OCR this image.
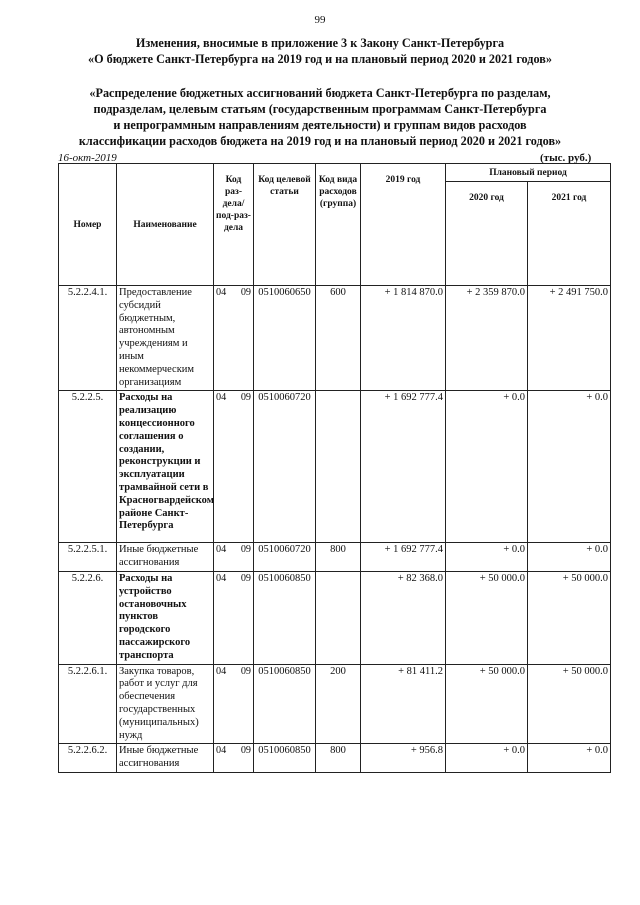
99
Изменения, вносимые в приложение 3 к Закону Санкт-Петербурга
«О бюджете Санкт-Петербурга на 2019 год и на плановый период 2020 и 2021 годов»
«Распределение бюджетных ассигнований бюджета Санкт-Петербурга по разделам,
подразделам, целевым статьям (государственным программам Санкт-Петербурга
и непрограммным направлениям деятельности) и группам видов расходов
классификации расходов бюджета на 2019 год и на плановый период 2020 и 2021 годов»
16-окт-2019	(тыс. руб.)
Номер	Наименование	Код раз-дела/ под-раз-дела	Код целевой статьи	Код вида расходов (группа)	2019 год	Плановый период	
						2020 год	2021 год
5.2.2.4.1.	Предоставление субсидий бюджетным, автономным учреждениям и иным некоммерческим организациям	04 09	0510060650	600	+ 1 814 870.0	+ 2 359 870.0	+ 2 491 750.0
5.2.2.5.	Расходы на реализацию концессионного соглашения о создании, реконструкции и эксплуатации трамвайной сети в Красногвардейском районе Санкт-Петербурга	04 09	0510060720		+ 1 692 777.4	+ 0.0	+ 0.0
5.2.2.5.1.	Иные бюджетные ассигнования	04 09	0510060720	800	+ 1 692 777.4	+ 0.0	+ 0.0
5.2.2.6.	Расходы на устройство остановочных пунктов городского пассажирского транспорта	04 09	0510060850		+ 82 368.0	+ 50 000.0	+ 50 000.0
5.2.2.6.1.	Закупка товаров, работ и услуг для обеспечения государственных (муниципальных) нужд	04 09	0510060850	200	+ 81 411.2	+ 50 000.0	+ 50 000.0
5.2.2.6.2.	Иные бюджетные ассигнования	04 09	0510060850	800	+ 956.8	+ 0.0	+ 0.0
